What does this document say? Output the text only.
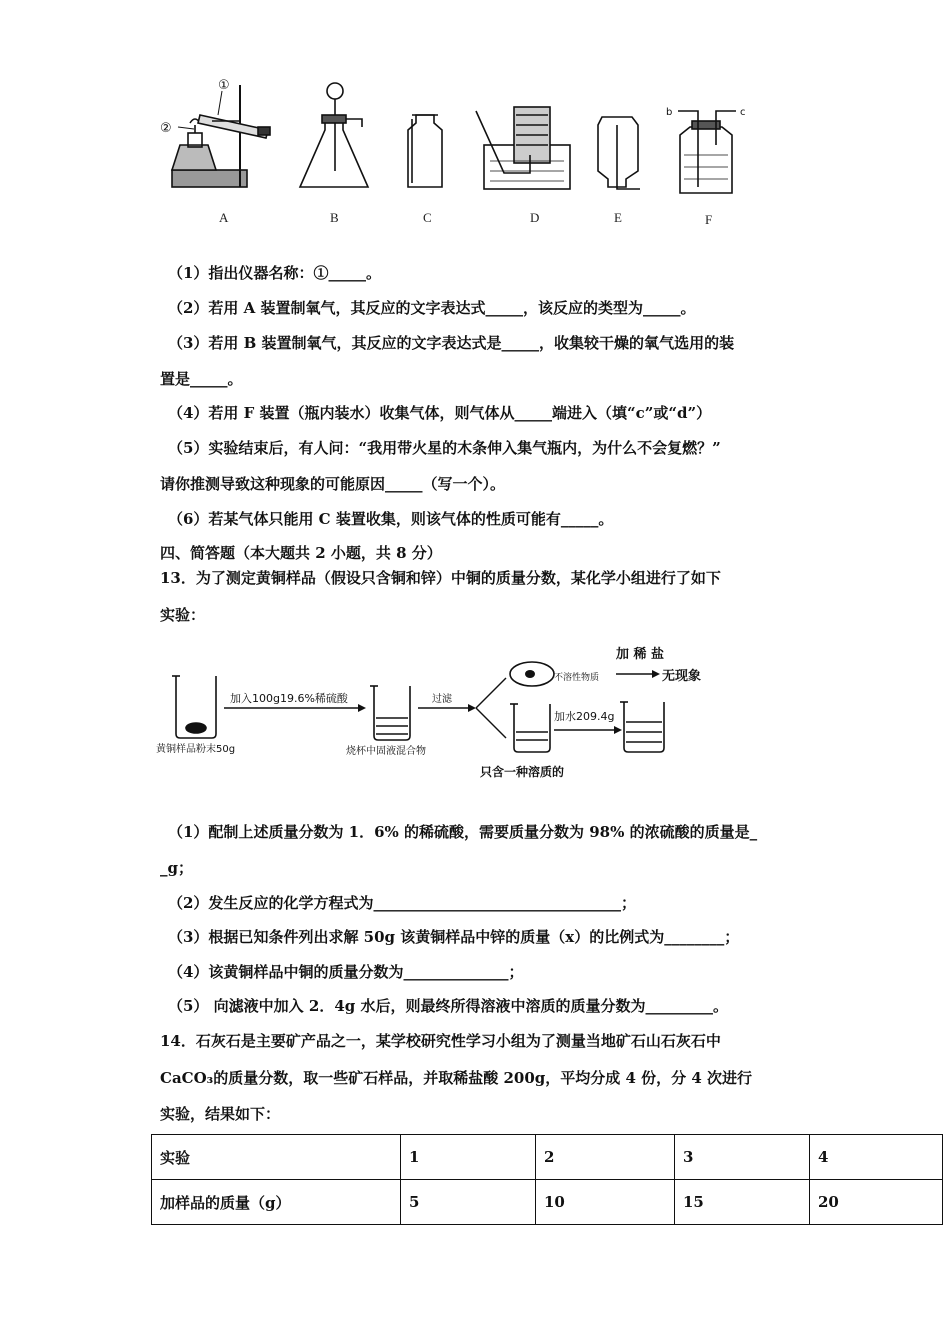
①
②
b	c
A	B	C	D	E	F
（1）指出仪器名称：①_____。
（2）若用 A 装置制氧气，其反应的文字表达式_____，该反应的类型为_____。
（3）若用 B 装置制氧气，其反应的文字表达式是_____，收集较干燥的氧气选用的装
置是_____。
（4）若用 F 装置（瓶内装水）收集气体，则气体从_____端进入（填“c”或“d”）
（5）实验结束后，有人问：“我用带火星的木条伸入集气瓶内，为什么不会复燃？”
请你推测导致这种现象的可能原因_____（写一个）。
（6）若某气体只能用 C 装置收集，则该气体的性质可能有_____。
四、简答题（本大题共 2 小题，共 8 分）
13．为了测定黄铜样品（假设只含铜和锌）中铜的质量分数，某化学小组进行了如下
实验：
黄铜样品粉末50g
加入100g19.6%稀硫酸
烧杯中固液混合物
过滤
不溶性物质
加 稀 盐
无现象
加水209.4g
只含一种溶质的
（1）配制上述质量分数为 1．6% 的稀硫酸，需要质量分数为 98% 的浓硫酸的质量是_
_g；
（2）发生反应的化学方程式为_________________________________；
（3）根据已知条件列出求解 50g 该黄铜样品中锌的质量（x）的比例式为________；
（4）该黄铜样品中铜的质量分数为______________；
（5） 向滤液中加入 2．4g 水后，则最终所得溶液中溶质的质量分数为_________。
14．石灰石是主要矿产品之一，某学校研究性学习小组为了测量当地矿石山石灰石中
CaCO₃的质量分数，取一些矿石样品，并取稀盐酸 200g，平均分成 4 份，分 4 次进行
实验，结果如下：
实验	1	2	3	4
加样品的质量（g）	5	10	15	20
